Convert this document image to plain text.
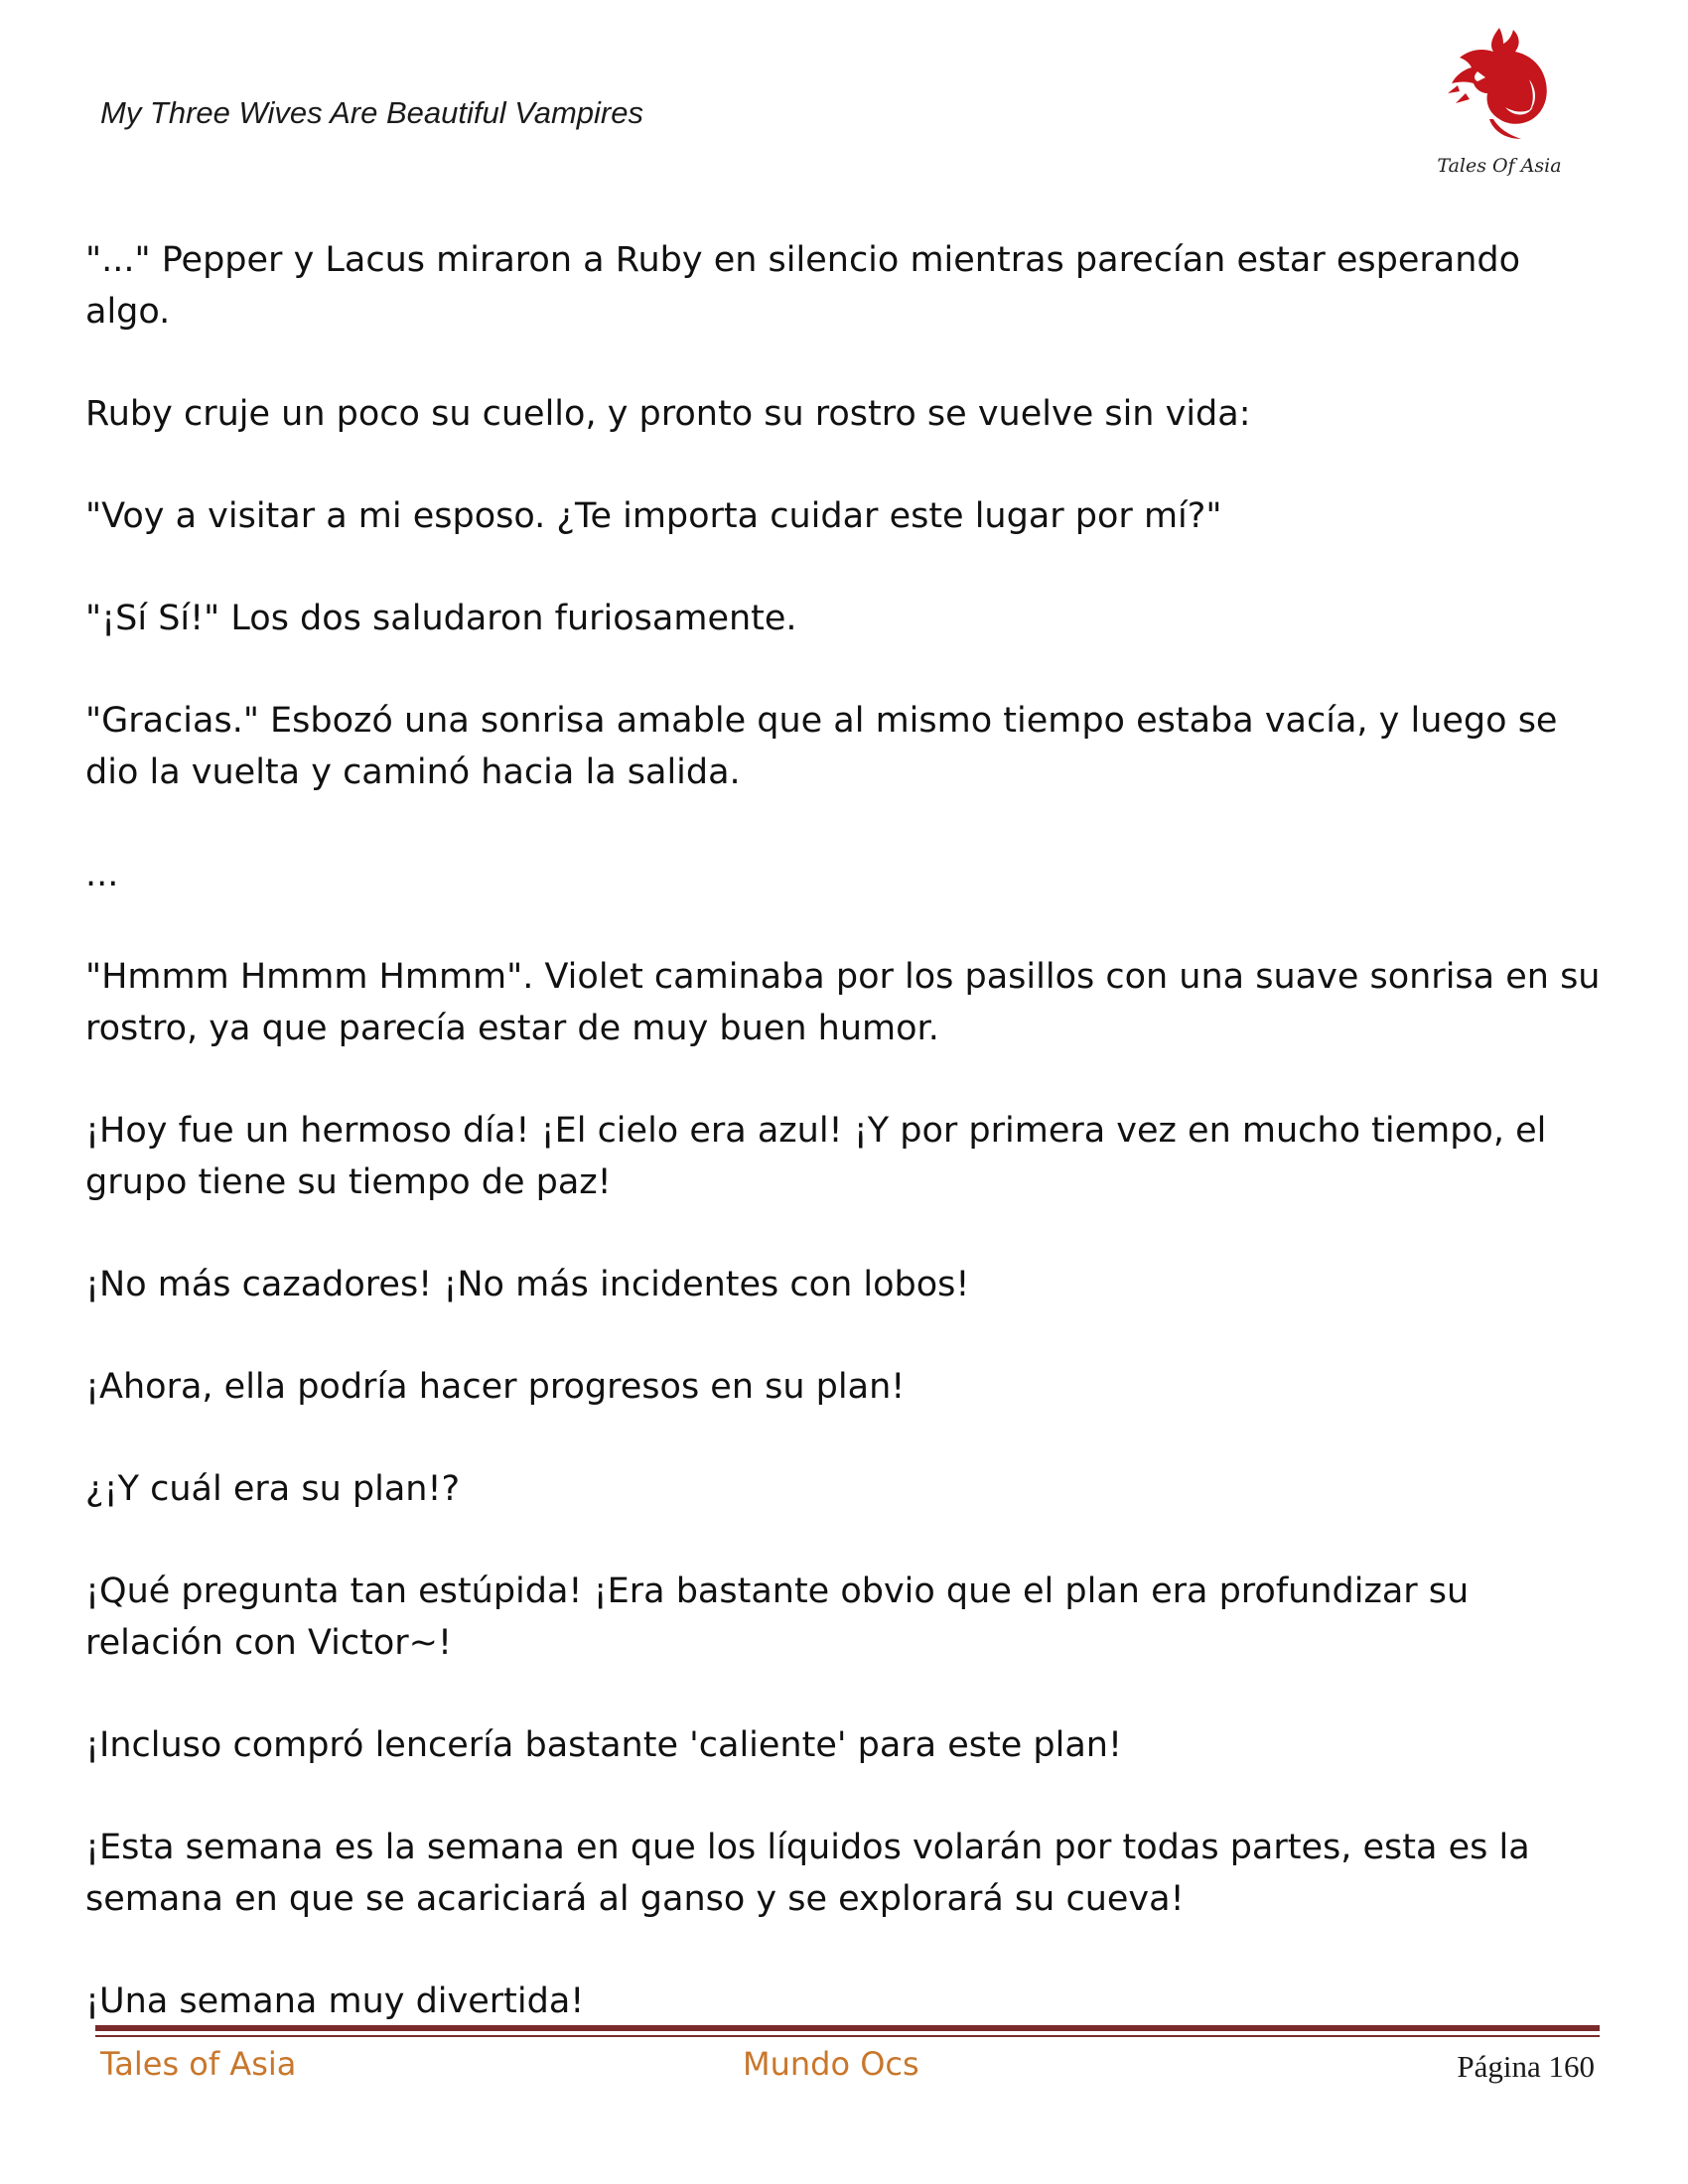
My Three Wives Are Beautiful Vampires
Tales Of Asia

"..." Pepper y Lacus miraron a Ruby en silencio mientras parecían estar esperando algo.

Ruby cruje un poco su cuello, y pronto su rostro se vuelve sin vida:

"Voy a visitar a mi esposo. ¿Te importa cuidar este lugar por mí?"

"¡Sí Sí!" Los dos saludaron furiosamente.

"Gracias." Esbozó una sonrisa amable que al mismo tiempo estaba vacía, y luego se dio la vuelta y caminó hacia la salida.

...

"Hmmm Hmmm Hmmm". Violet caminaba por los pasillos con una suave sonrisa en su rostro, ya que parecía estar de muy buen humor.

¡Hoy fue un hermoso día! ¡El cielo era azul! ¡Y por primera vez en mucho tiempo, el grupo tiene su tiempo de paz!

¡No más cazadores! ¡No más incidentes con lobos!

¡Ahora, ella podría hacer progresos en su plan!

¿¡Y cuál era su plan!?

¡Qué pregunta tan estúpida! ¡Era bastante obvio que el plan era profundizar su relación con Victor~!

¡Incluso compró lencería bastante 'caliente' para este plan!

¡Esta semana es la semana en que los líquidos volarán por todas partes, esta es la semana en que se acariciará al ganso y se explorará su cueva!

¡Una semana muy divertida!

Tales of Asia	Mundo Ocs	Página 160
